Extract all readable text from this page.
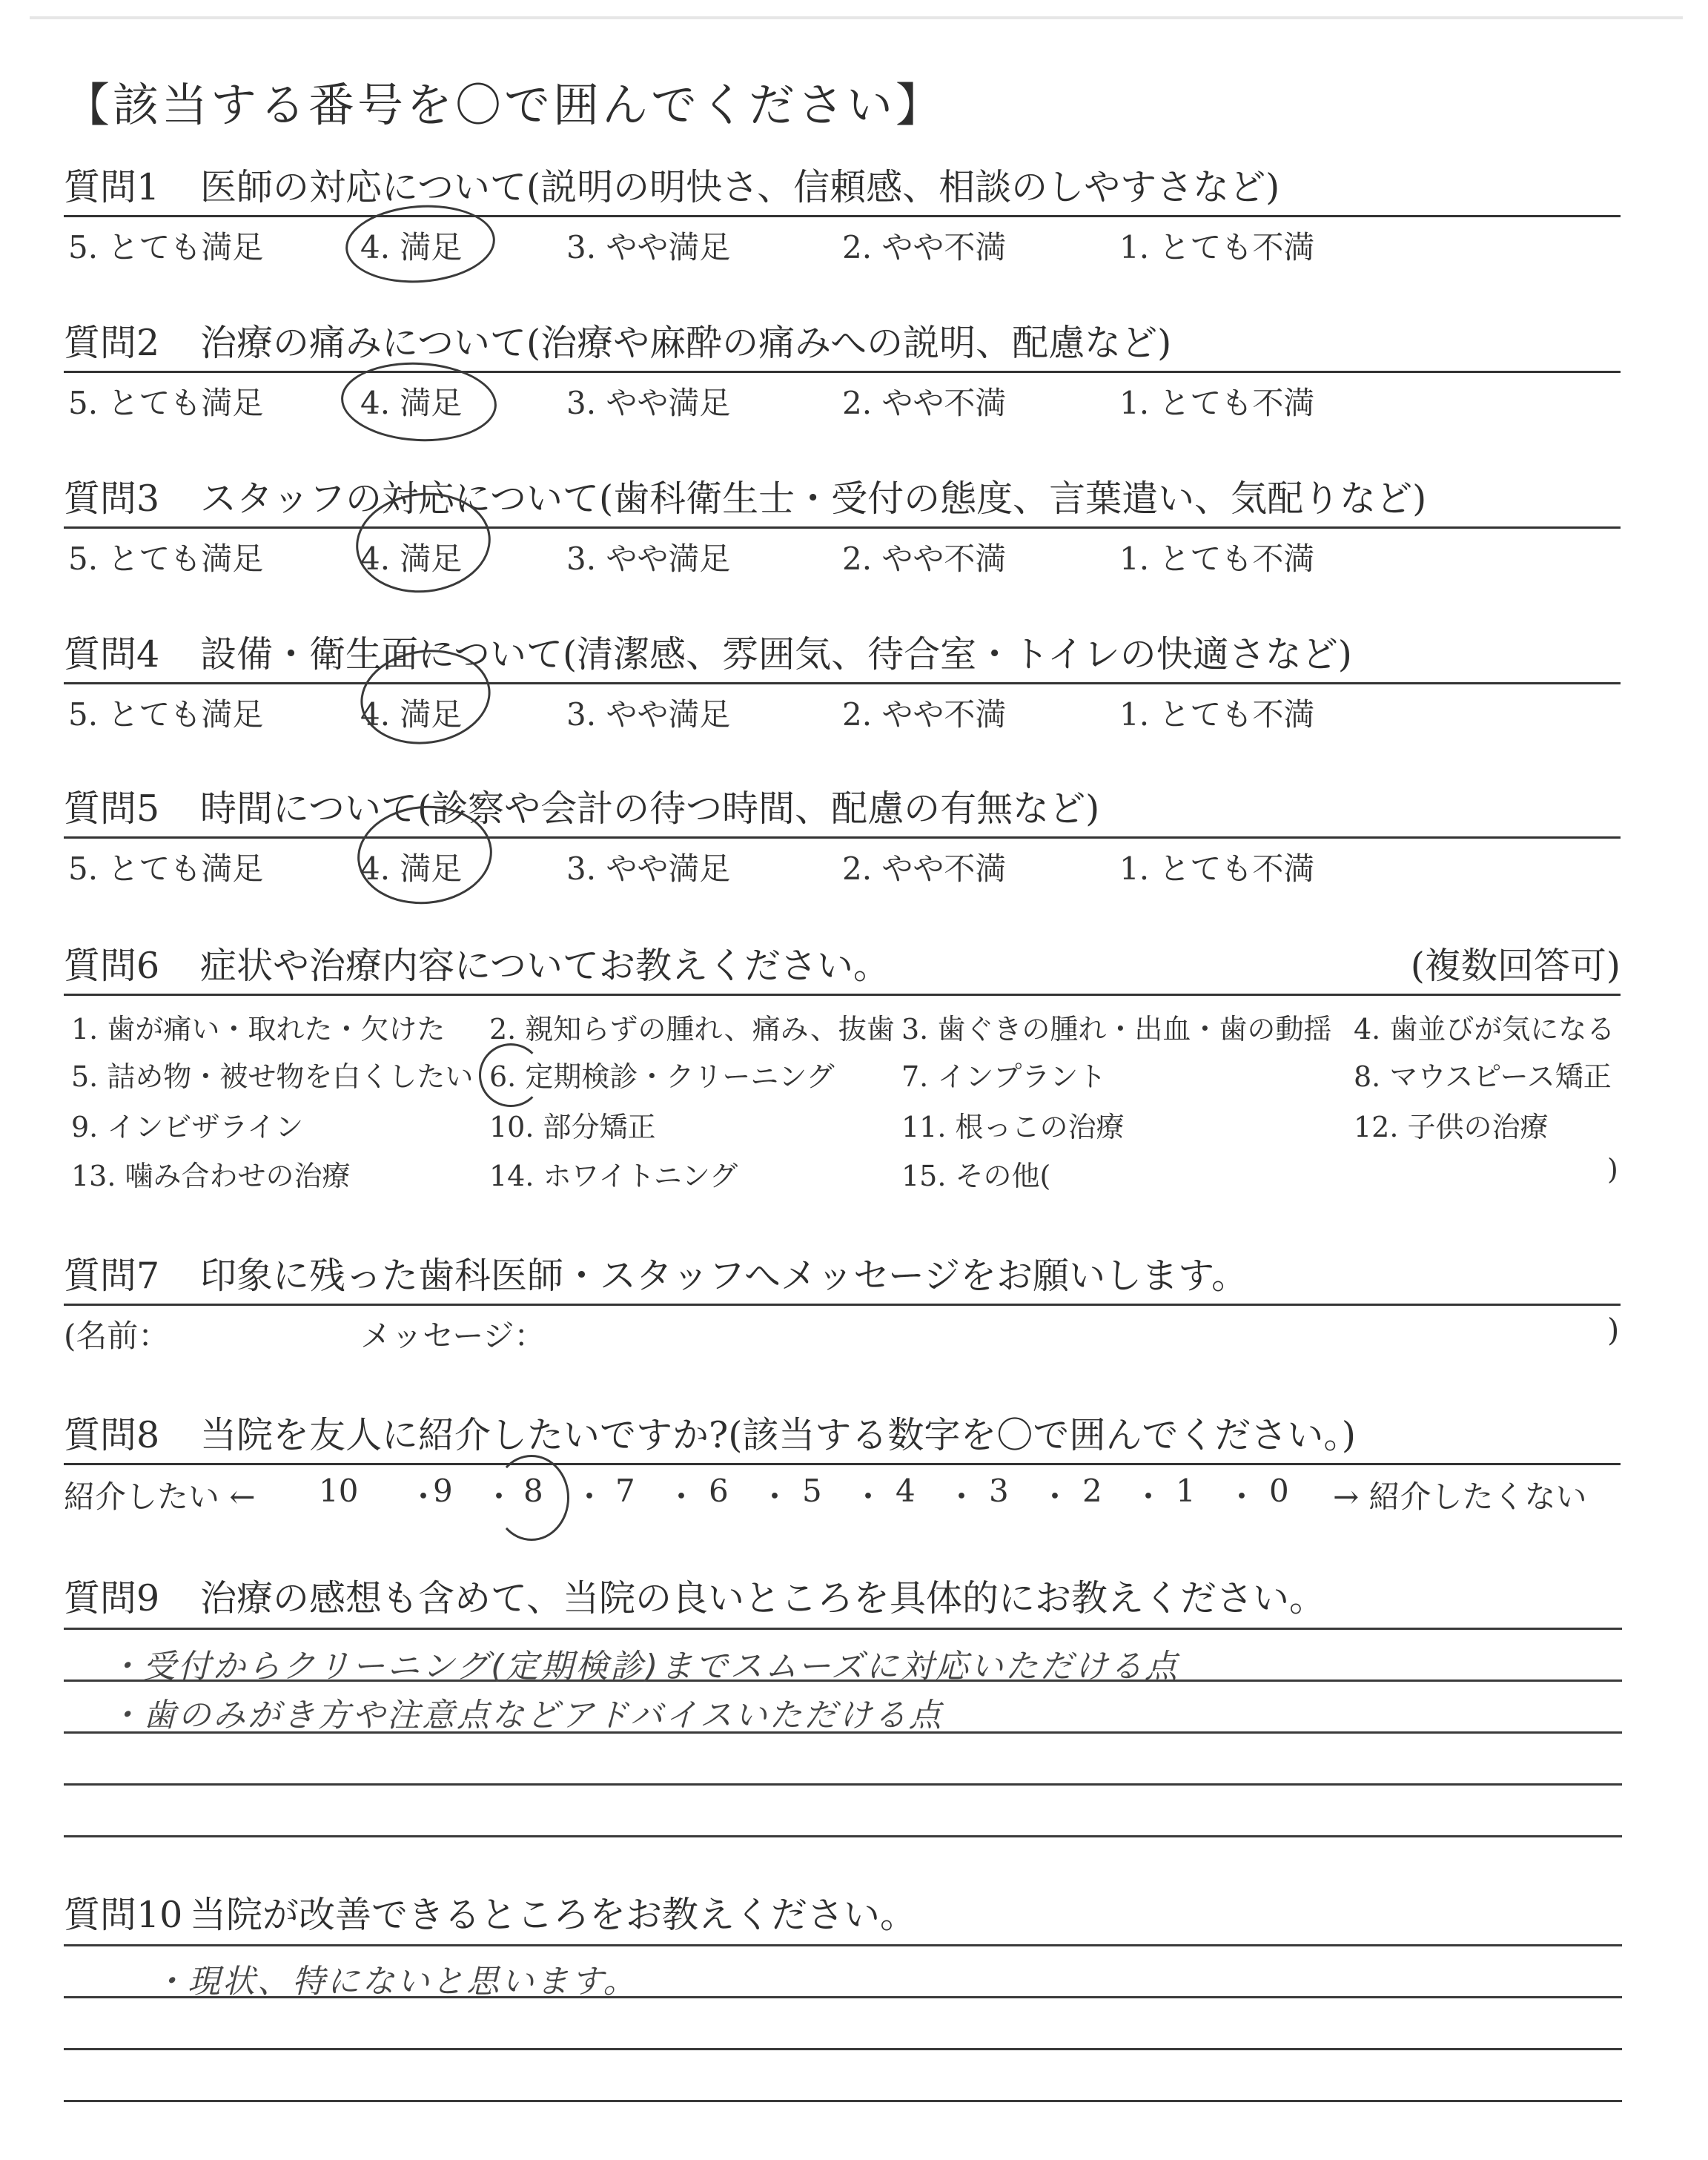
【該当する番号を〇で囲んでください】
質問1 医師の対応について(説明の明快さ、信頼感、相談のしやすさなど)
5. とても満足	4. 満足	3. やや満足	2. やや不満	1. とても不満
質問2 治療の痛みについて(治療や麻酔の痛みへの説明、配慮など)
5. とても満足	4. 満足	3. やや満足	2. やや不満	1. とても不満
質問3 スタッフの対応について(歯科衛生士・受付の態度、言葉遣い、気配りなど)
5. とても満足	4. 満足	3. やや満足	2. やや不満	1. とても不満
質問4 設備・衛生面について(清潔感、雰囲気、待合室・トイレの快適さなど)
5. とても満足	4. 満足	3. やや満足	2. やや不満	1. とても不満
質問5 時間について(診察や会計の待つ時間、配慮の有無など)
5. とても満足	4. 満足	3. やや満足	2. やや不満	1. とても不満
質問6 症状や治療内容についてお教えください。	(複数回答可)
1. 歯が痛い・取れた・欠けた 2. 親知らずの腫れ、痛み、抜歯 3. 歯ぐきの腫れ・出血・歯の動揺 4. 歯並びが気になる
5. 詰め物・被せ物を白くしたい 6. 定期検診・クリーニング 7. インプラント	8. マウスピース矯正
9. インビザライン	10. 部分矯正	11. 根っこの治療	12. 子供の治療
13. 噛み合わせの治療	14. ホワイトニング	15. その他(	)
質問7 印象に残った歯科医師・スタッフへメッセージをお願いします。
(名前：	メッセージ：	)
質問8 当院を友人に紹介したいですか?(該当する数字を〇で囲んでください。)
紹介したい ← 10 ・
9 ・ 8 ・ 7 ・ 6 ・ 5 ・ 4 ・ 3 ・ 2 ・ 1 ・ 0 → 紹介したくない
質問9 治療の感想も含めて、当院の良いところを具体的にお教えください。
・受付からクリーニング(定期検診)までスムーズに対応いただける点
・歯のみがき方や注意点などアドバイスいただける点
質問10 当院が改善できるところをお教えください。
・現状、特にないと思います。
